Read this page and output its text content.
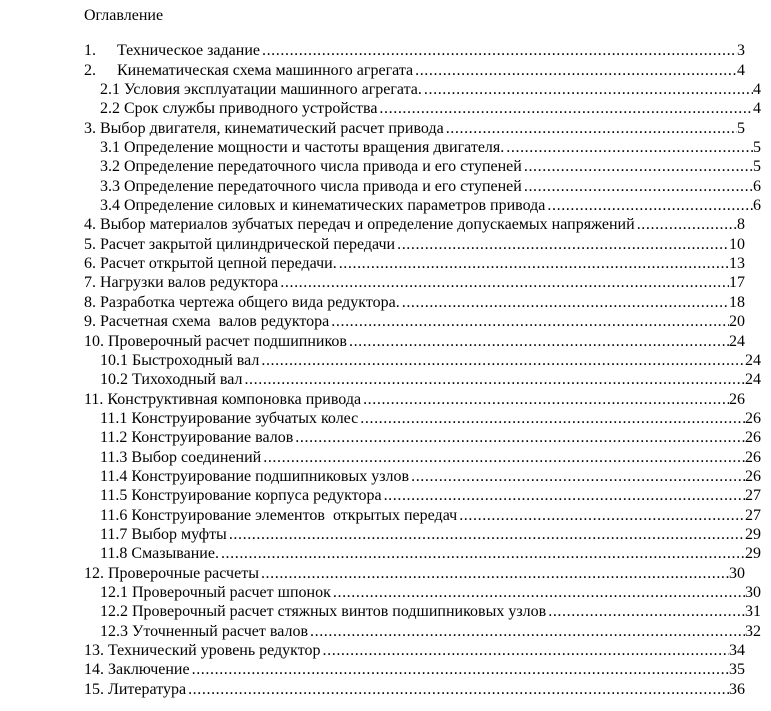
Оглавление
1.	Техническое задание .....	3
2.	Кинематическая схема машинного агрегата .....	4
2.1 Условия эксплуатации машинного агрегата. .....	4
2.2 Срок службы приводного устройства .....	4
3. Выбор двигателя, кинематический расчет привода .....	5
3.1 Определение мощности и частоты вращения двигателя. .....	5
3.2 Определение передаточного числа привода и его ступеней .....	5
3.3 Определение передаточного числа привода и его ступеней .....	6
3.4 Определение силовых и кинематических параметров привода .....	6
4. Выбор материалов зубчатых передач и определение допускаемых напряжений .....	8
5. Расчет закрытой цилиндрической передачи .....	10
6. Расчет открытой цепной передачи. .....	13
7. Нагрузки валов редуктора .....	17
8. Разработка чертежа общего вида редуктора. .....	18
9. Расчетная схема  валов редуктора .....	20
10. Проверочный расчет подшипников .....	24
10.1 Быстроходный вал .....	24
10.2 Тихоходный вал .....	24
11. Конструктивная компоновка привода .....	26
11.1 Конструирование зубчатых колес .....	26
11.2 Конструирование валов .....	26
11.3 Выбор соединений .....	26
11.4 Конструирование подшипниковых узлов .....	26
11.5 Конструирование корпуса редуктора .....	27
11.6 Конструирование элементов  открытых передач .....	27
11.7 Выбор муфты .....	29
11.8 Смазывание. .....	29
12. Проверочные расчеты .....	30
12.1 Проверочный расчет шпонок .....	30
12.2 Проверочный расчет стяжных винтов подшипниковых узлов .....	31
12.3 Уточненный расчет валов .....	32
13. Технический уровень редуктор .....	34
14. Заключение .....	35
15. Литература .....	36
